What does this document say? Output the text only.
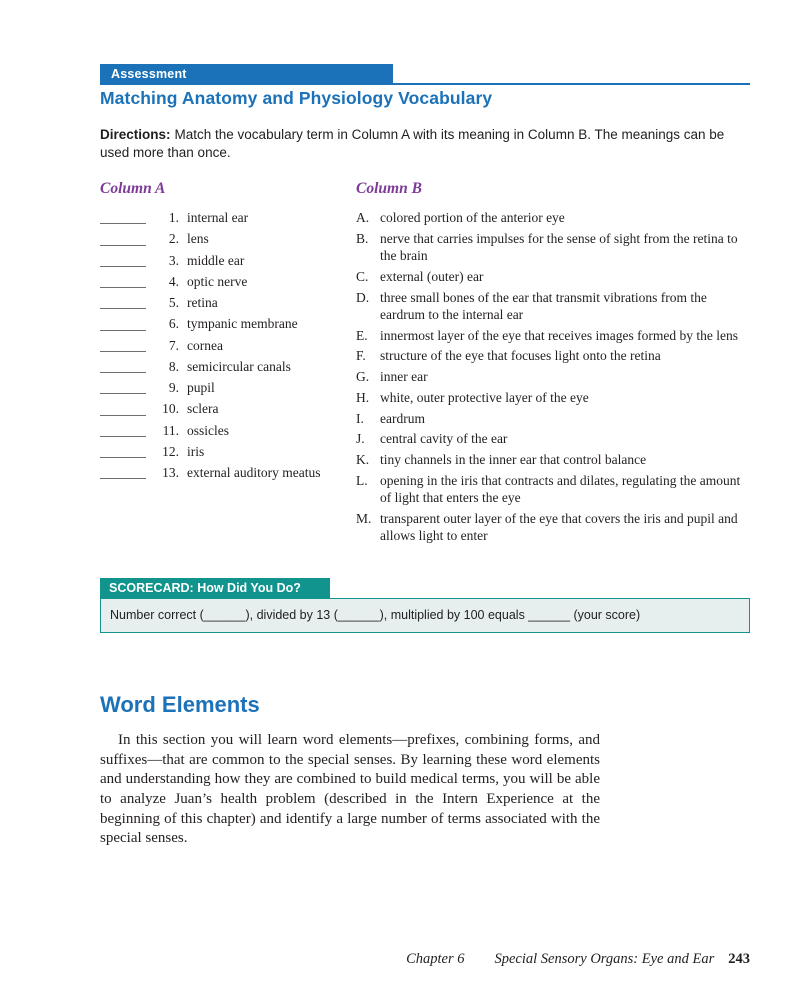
Assessment
Matching Anatomy and Physiology Vocabulary

Directions: Match the vocabulary term in Column A with its meaning in Column B. The meanings can be used more than once.

Column A
1. internal ear
2. lens
3. middle ear
4. optic nerve
5. retina
6. tympanic membrane
7. cornea
8. semicircular canals
9. pupil
10. sclera
11. ossicles
12. iris
13. external auditory meatus
Column B
A. colored portion of the anterior eye
B. nerve that carries impulses for the sense of sight from the retina to the brain
C. external (outer) ear
D. three small bones of the ear that transmit vibrations from the eardrum to the internal ear
E. innermost layer of the eye that receives images formed by the lens
F.	structure of the eye that focuses light onto the retina
G. inner ear
H. white, outer protective layer of the eye
I.	eardrum
J.	central cavity of the ear
K. tiny channels in the inner ear that control balance
L. opening in the iris that contracts and dilates, regulating the amount of light that enters the eye
M. transparent outer layer of the eye that covers the iris and pupil and allows light to enter
SCORECARD: How Did You Do?
Number correct (______), divided by 13 (______), multiplied by 100 equals ______ (your score)
Word Elements

In this section you will learn word elements—prefixes, combining forms, and suffixes—that are common to the special senses. By learning these word elements and understanding how they are combined to build medical terms, you will be able to analyze Juan’s health problem (described in the Intern Experience at the beginning of this chapter) and identify a large number of terms associated with the special senses.

Chapter 6 Special Sensory Organs: Eye and Ear 243
